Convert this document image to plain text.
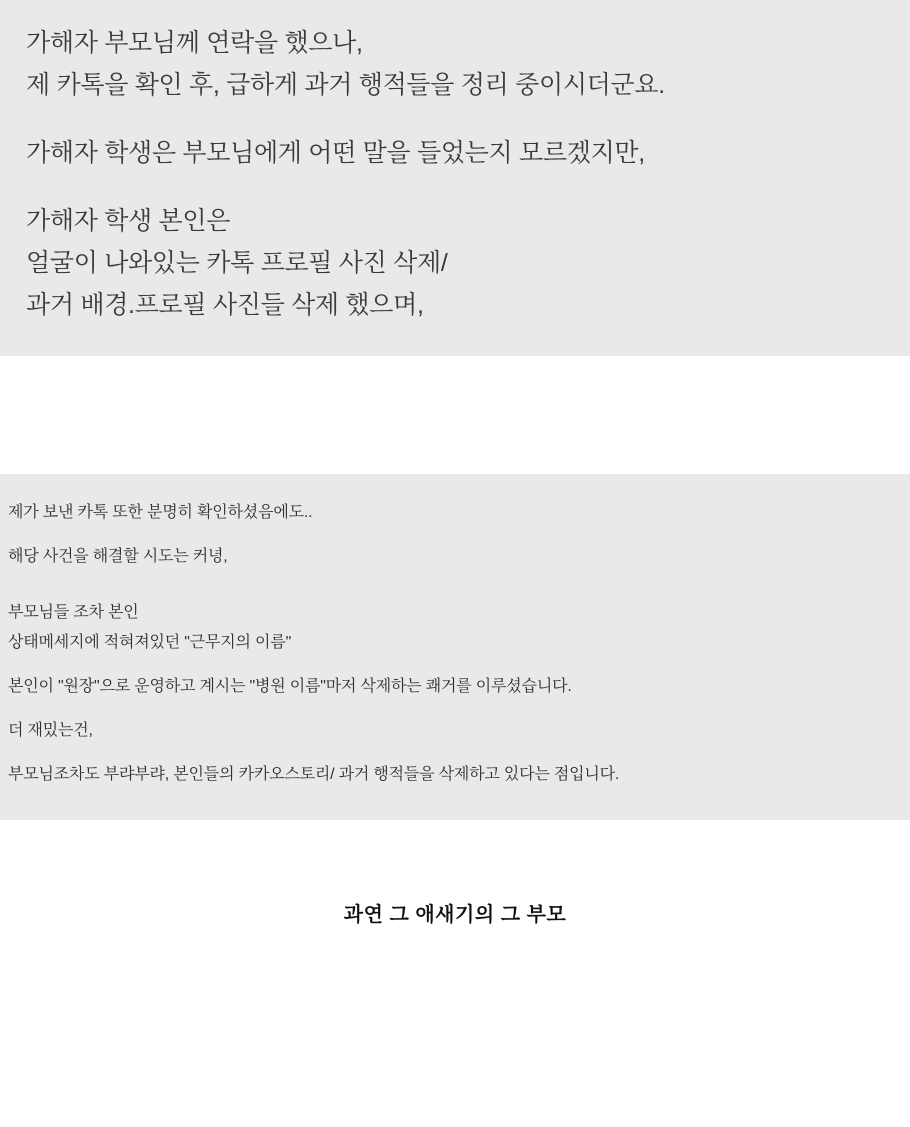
가해자 부모님께 연락을 했으나,
제 카톡을 확인 후, 급하게 과거 행적들을 정리 중이시더군요.
가해자 학생은 부모님에게 어떤 말을 들었는지 모르겠지만,
가해자 학생 본인은
얼굴이 나와있는 카톡 프로필 사진 삭제/
과거 배경.프로필 사진들 삭제 했으며,
제가 보낸 카톡 또한 분명히 확인하셨음에도..
해당 사건을 해결할 시도는 커녕,
부모님들 조차 본인
상태메세지에 적혀져있던 "근무지의 이름"
본인이 "원장"으로 운영하고 계시는 "병원 이름"마저 삭제하는 쾌거를 이루셨습니다.
더 재밌는건,
부모님조차도 부랴부랴, 본인들의 카카오스토리/ 과거 행적들을 삭제하고 있다는 점입니다.
과연 그 애새기의 그 부모
